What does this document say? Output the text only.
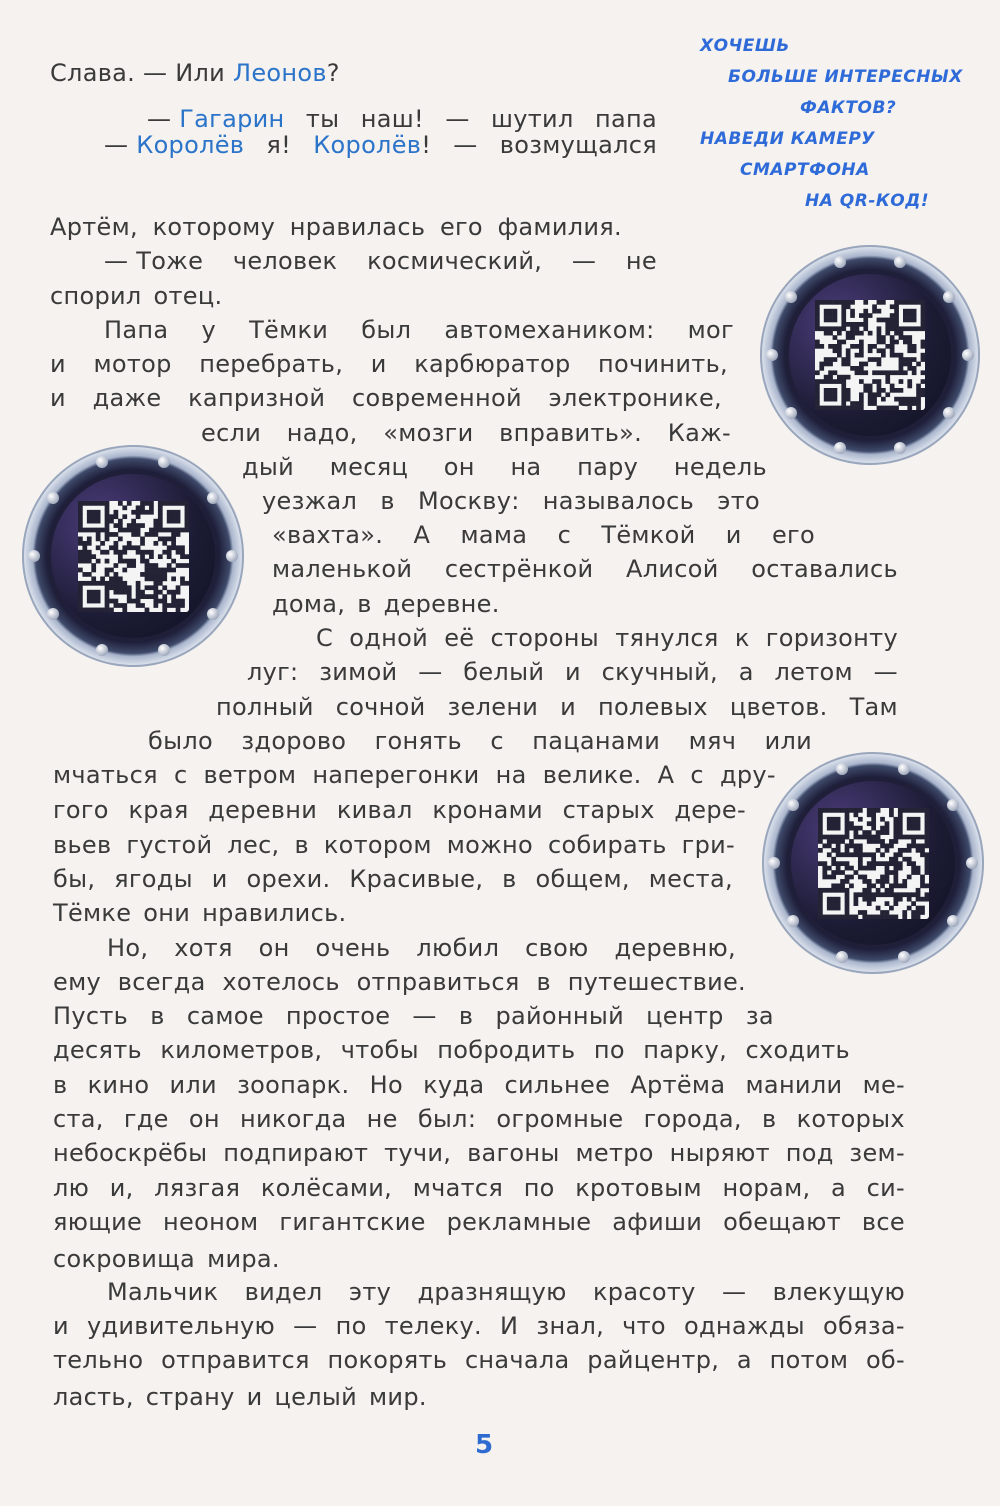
ХОЧЕШЬ
БОЛЬШЕ ИНТЕРЕСНЫХ
ФАКТОВ?
НАВЕДИ КАМЕРУ
СМАРТФОНА
НА QR-КОД!
— Гагарин ты наш! — шутил папа
Слава. — Или Леонов?
— Королёв я! Королёв! — возмущался
Артём, которому нравилась его фамилия.
— Тоже человек космический, — не
спорил отец.
Папа у Тёмки был автомехаником: мог
и мотор перебрать, и карбюратор починить,
и даже капризной современной электронике,
если надо, «мозги вправить». Каж-
дый месяц он на пару недель
уезжал в Москву: называлось это
«вахта». А мама с Тёмкой и его
маленькой сестрёнкой Алисой оставались
дома, в деревне.
С одной её стороны тянулся к горизонту
луг: зимой — белый и скучный, а летом —
полный сочной зелени и полевых цветов. Там
было здорово гонять с пацанами мяч или
мчаться с ветром наперегонки на велике. А с дру-
гого края деревни кивал кронами старых дере-
вьев густой лес, в котором можно собирать гри-
бы, ягоды и орехи. Красивые, в общем, места,
Тёмке они нравились.
Но, хотя он очень любил свою деревню,
ему всегда хотелось отправиться в путешествие.
Пусть в самое простое — в районный центр за
десять километров, чтобы побродить по парку, сходить
в кино или зоопарк. Но куда сильнее Артёма манили ме-
ста, где он никогда не был: огромные города, в которых
небоскрёбы подпирают тучи, вагоны метро ныряют под зем-
лю и, лязгая колёсами, мчатся по кротовым норам, а си-
яющие неоном гигантские рекламные афиши обещают все
сокровища мира.
Мальчик видел эту дразнящую красоту — влекущую
и удивительную — по телеку. И знал, что однажды обяза-
тельно отправится покорять сначала райцентр, а потом об-
ласть, страну и целый мир.
5
